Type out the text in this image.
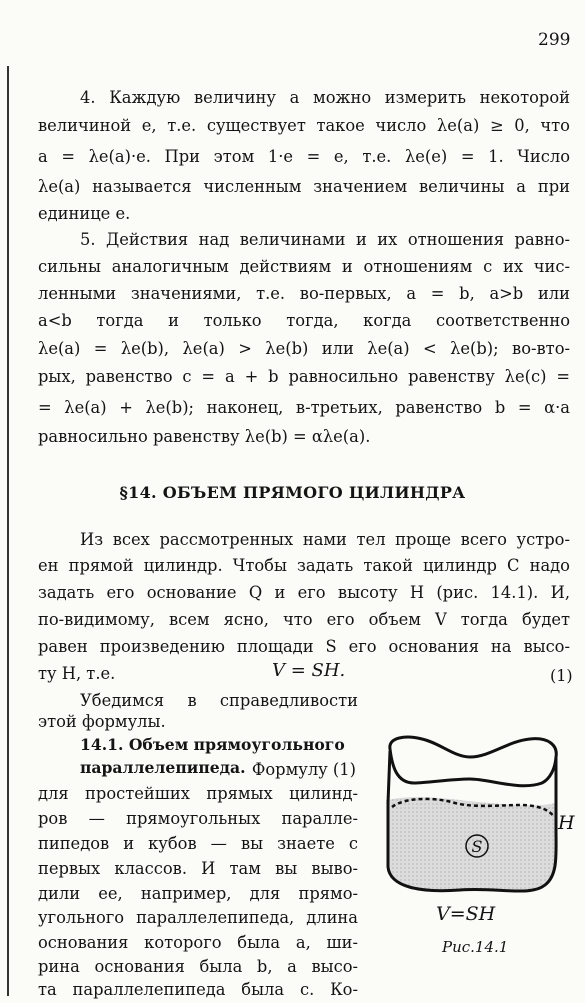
299
4. Каждую величину a можно измерить некоторой
величиной e, т.е. существует такое число λe(a) ≥ 0, что
a = λe(a)·e. При этом 1·e = e, т.е. λe(e) = 1. Число
λe(a) называется численным значением величины a при
единице e.
5. Действия над величинами и их отношения равно-
сильны аналогичным действиям и отношениям с их чис-
ленными значениями, т.е. во-первых, a = b, a>b или
a<b тогда и только тогда, когда соответственно
λe(a) = λe(b), λe(a) > λe(b) или λe(a) < λe(b); во-вто-
рых, равенство c = a + b равносильно равенству λe(c) =
= λe(a) + λe(b); наконец, в-третьих, равенство b = α·a
равносильно равенству λe(b) = αλe(a).
§14. ОБЪЕМ ПРЯМОГО ЦИЛИНДРА
Из всех рассмотренных нами тел проще всего устро-
ен прямой цилиндр. Чтобы задать такой цилиндр C надо
задать его основание Q и его высоту H (рис. 14.1). И,
по-видимому, всем ясно, что его объем V тогда будет
равен произведению площади S его основания на высо-
ту H, т.е.	V = SH.	(1)
Убедимся в справедливости
этой формулы.
14.1. Объем прямоугольного параллелепипеда. Формулу (1)
для простейших прямых цилинд-
ров — прямоугольных паралле-
пипедов и кубов — вы знаете с
первых классов. И там вы выво-
дили ее, например, для прямо-
угольного параллелепипеда, длина
основания которого была a, ши-
рина основания была b, а высо-
та параллелепипеда была c. Ко-
S
H
V=SH
Рис.14.1
